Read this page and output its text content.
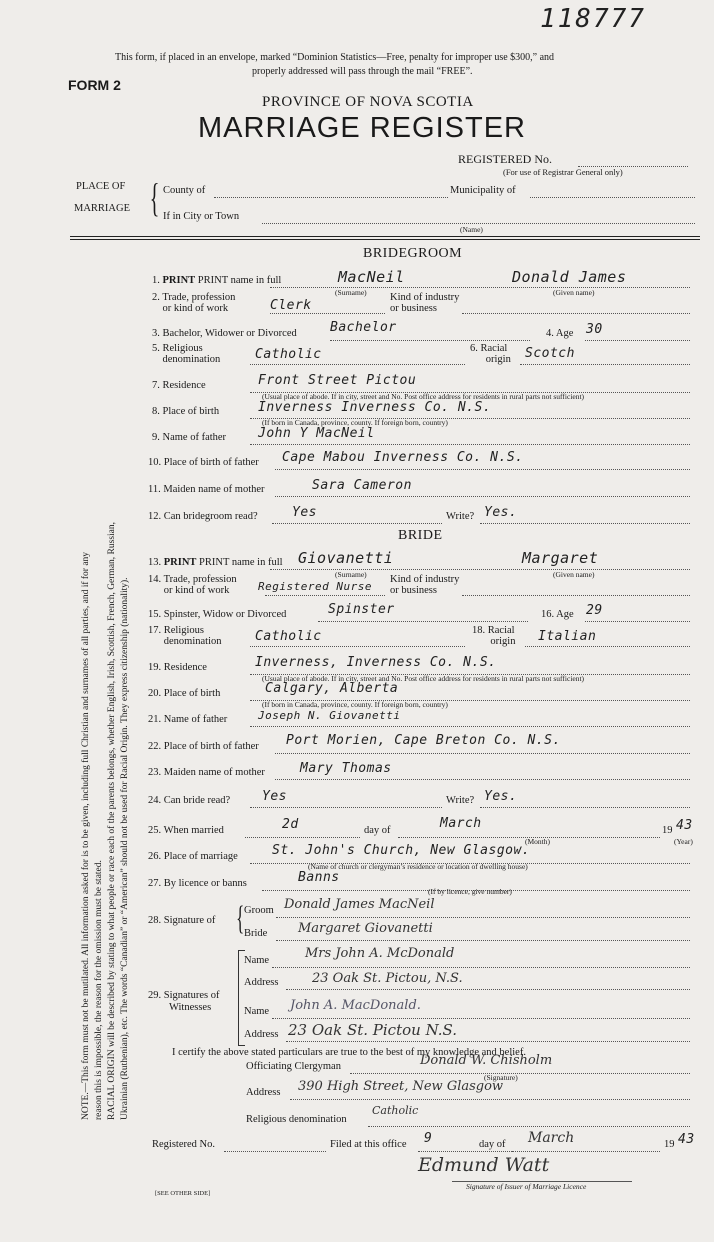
118777
This form, if placed in an envelope, marked “Dominion Statistics—Free, penalty for improper use $300,” and
properly addressed will pass through the mail “FREE”.
FORM 2
PROVINCE OF NOVA SCOTIA
MARRIAGE REGISTER
REGISTERED No.
(For use of Registrar General only)
PLACE OF
MARRIAGE { County of	Municipality of
If in City or Town
(Name)
NOTE.—This form must not be mutilated. All information asked for is to be given, including full Christian and surnames of all parties, and if for any reason this is impossible, the reason for the omission must be stated. RACIAL ORIGIN will be described by stating to what people or race each of the parents belongs, whether English, Irish, Scottish, French, German, Russian, Ukrainian (Ruthenian), etc. The words “Canadian” or “American” should not be used for Racial Origin. They express citizenship (nationality).
BRIDEGROOM
1. PRINT PRINT name in full	MacNeil	Donald James
(Surname)	(Given name)
2. Trade, profession
or kind of work	Clerk
Kind of industry
or business
3. Bachelor, Widower or Divorced	Bachelor	4. Age 30
5. Religious
denomination	Catholic	6. Racial
origin Scotch
7. Residence	Front Street Pictou
(Usual place of abode. If in city, street and No. Post office address for residents in rural parts not sufficient)
8. Place of birth	Inverness Inverness Co. N.S.
(If born in Canada, province, county. If foreign born, country)
9. Name of father John Y MacNeil
10. Place of birth of father Cape Mabou Inverness Co. N.S.
11. Maiden name of mother	Sara Cameron
12. Can bridegroom read?	Yes	Write? Yes.
BRIDE
13. PRINT PRINT name in full Giovanetti	Margaret
(Surname)	(Given name)
14. Trade, profession
or kind of work	Registered Nurse
Kind of industry
or business
15. Spinster, Widow or Divorced	Spinster	16. Age 29
17. Religious
denomination	Catholic	18. Racial
origin Italian
19. Residence	Inverness, Inverness Co. N.S.
(Usual place of abode. If in city, street and No. Post office address for residents in rural parts not sufficient)
20. Place of birth	Calgary, Alberta
(If born in Canada, province, county. If foreign born, country)
21. Name of father	Joseph N. Giovanetti
22. Place of birth of father Port Morien, Cape Breton Co. N.S.
23. Maiden name of mother	Mary Thomas
24. Can bride read? Yes	Write? Yes.
25. When married	2d	day of	March
(Month)
19 43
(Year)
26. Place of marriage	St. John's Church, New Glasgow.
(Name of church or clergyman’s residence or location of dwelling house)
27. By licence or banns	Banns
(If by licence, give number)
28. Signature of { Groom Donald James MacNeil
Bride Margaret Giovanetti
29. Signatures of
Witnesses
Name	Mrs John A. McDonald
Address	23 Oak St. Pictou, N.S.
Name John A. MacDonald.
Address 23 Oak St. Pictou N.S.
I certify the above stated particulars are true to the best of my knowledge and belief.
Officiating Clergyman	Donald W. Chisholm
(Signature)
Address 390 High Street, New Glasgow
Religious denomination
Catholic
Registered No.	Filed at this office 9	day of March	19 43
Edmund Watt
Signature of Issuer of Marriage Licence
[SEE OTHER SIDE]
